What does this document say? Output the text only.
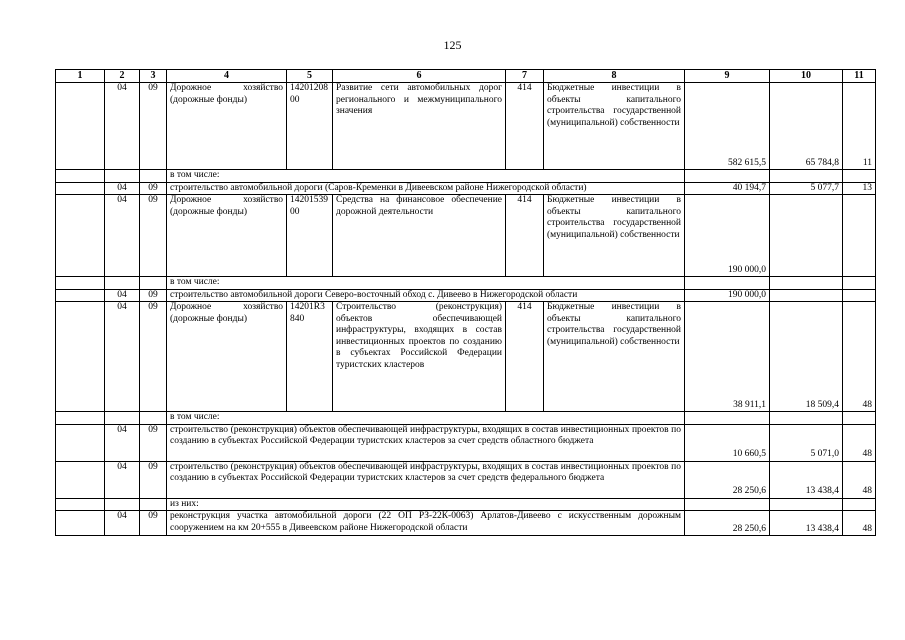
125
1	2	3	4	5	6	7	8	9	10	11
	04	09	Дорожное хозяйство (дорожные фонды)	1420120800	Развитие сети автомобильных дорог регионального и межмуниципального значения	414	Бюджетные инвестиции в объекты капитального строительства государственной (муниципальной) собственности	582 615,5	65 784,8	11
			в том числе:							
	04	09	строительство автомобильной дороги (Саров-Кременки в Дивеевском районе Нижегородской области)					40 194,7	5 077,7	13
	04	09	Дорожное хозяйство (дорожные фонды)	1420153900	Средства на финансовое обеспечение дорожной деятельности	414	Бюджетные инвестиции в объекты капитального строительства государственной (муниципальной) собственности	190 000,0		
			в том числе:							
	04	09	строительство автомобильной дороги Северо-восточный обход с. Дивеево в Нижегородской области					190 000,0		
	04	09	Дорожное хозяйство (дорожные фонды)	14201R3840	Строительство (реконструкция) объектов обеспечивающей инфраструктуры, входящих в состав инвестиционных проектов по созданию в субъектах Российской Федерации туристских кластеров	414	Бюджетные инвестиции в объекты капитального строительства государственной (муниципальной) собственности	38 911,1	18 509,4	48
			в том числе:							
	04	09	строительство (реконструкция) объектов обеспечивающей инфраструктуры, входящих в состав инвестиционных проектов по созданию в субъектах Российской Федерации туристских кластеров за счет средств областного бюджета					10 660,5	5 071,0	48
	04	09	строительство (реконструкция) объектов обеспечивающей инфраструктуры, входящих в состав инвестиционных проектов по созданию в субъектах Российской Федерации туристских кластеров за счет средств федерального бюджета					28 250,6	13 438,4	48
			из них:							
	04	09	реконструкция участка автомобильной дороги (22 ОП РЗ-22К-0063) Арлатов-Дивеево с искусственным дорожным сооружением на км 20+555 в Дивеевском районе Нижегородской области					28 250,6	13 438,4	48
